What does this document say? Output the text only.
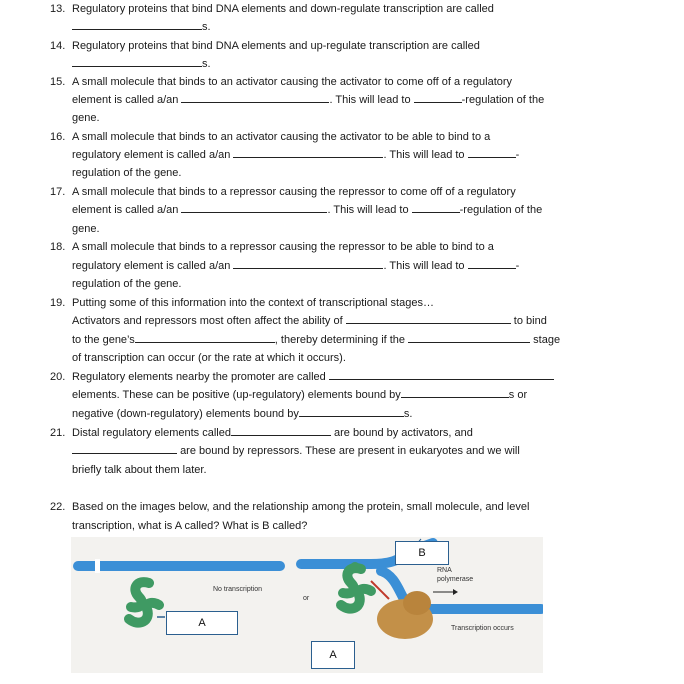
13. Regulatory proteins that bind DNA elements and down-regulate transcription are called
s.
14. Regulatory proteins that bind DNA elements and up-regulate transcription are called
s.
15. A small molecule that binds to an activator causing the activator to come off of a regulatory
element is called a/an	. This will lead to	-regulation of the
gene.
16. A small molecule that binds to an activator causing the activator to be able to bind to a
regulatory element is called a/an	. This will lead to	-
regulation of the gene.
17. A small molecule that binds to a repressor causing the repressor to come off of a regulatory
element is called a/an	. This will lead to	-regulation of the
gene.
18. A small molecule that binds to a repressor causing the repressor to be able to bind to a
regulatory element is called a/an	. This will lead to	-
regulation of the gene.
19. Putting some of this information into the context of transcriptional stages…
Activators and repressors most often affect the ability of	to bind
to the gene’s	, thereby determining if the	stage
of transcription can occur (or the rate at which it occurs).
20. Regulatory elements nearby the promoter are called
elements. These can be positive (up-regulatory) elements bound by	s or
negative (down-regulatory) elements bound by	s.
21. Distal regulatory elements called	are bound by activators, and
are bound by repressors. These are present in eukaryotes and we will
briefly talk about them later.
22. Based on the images below, and the relationship among the protein, small molecule, and level
transcription, what is A called? What is B called?
A
A
B
No transcription
or
RNA
polymerase
Transcription occurs
